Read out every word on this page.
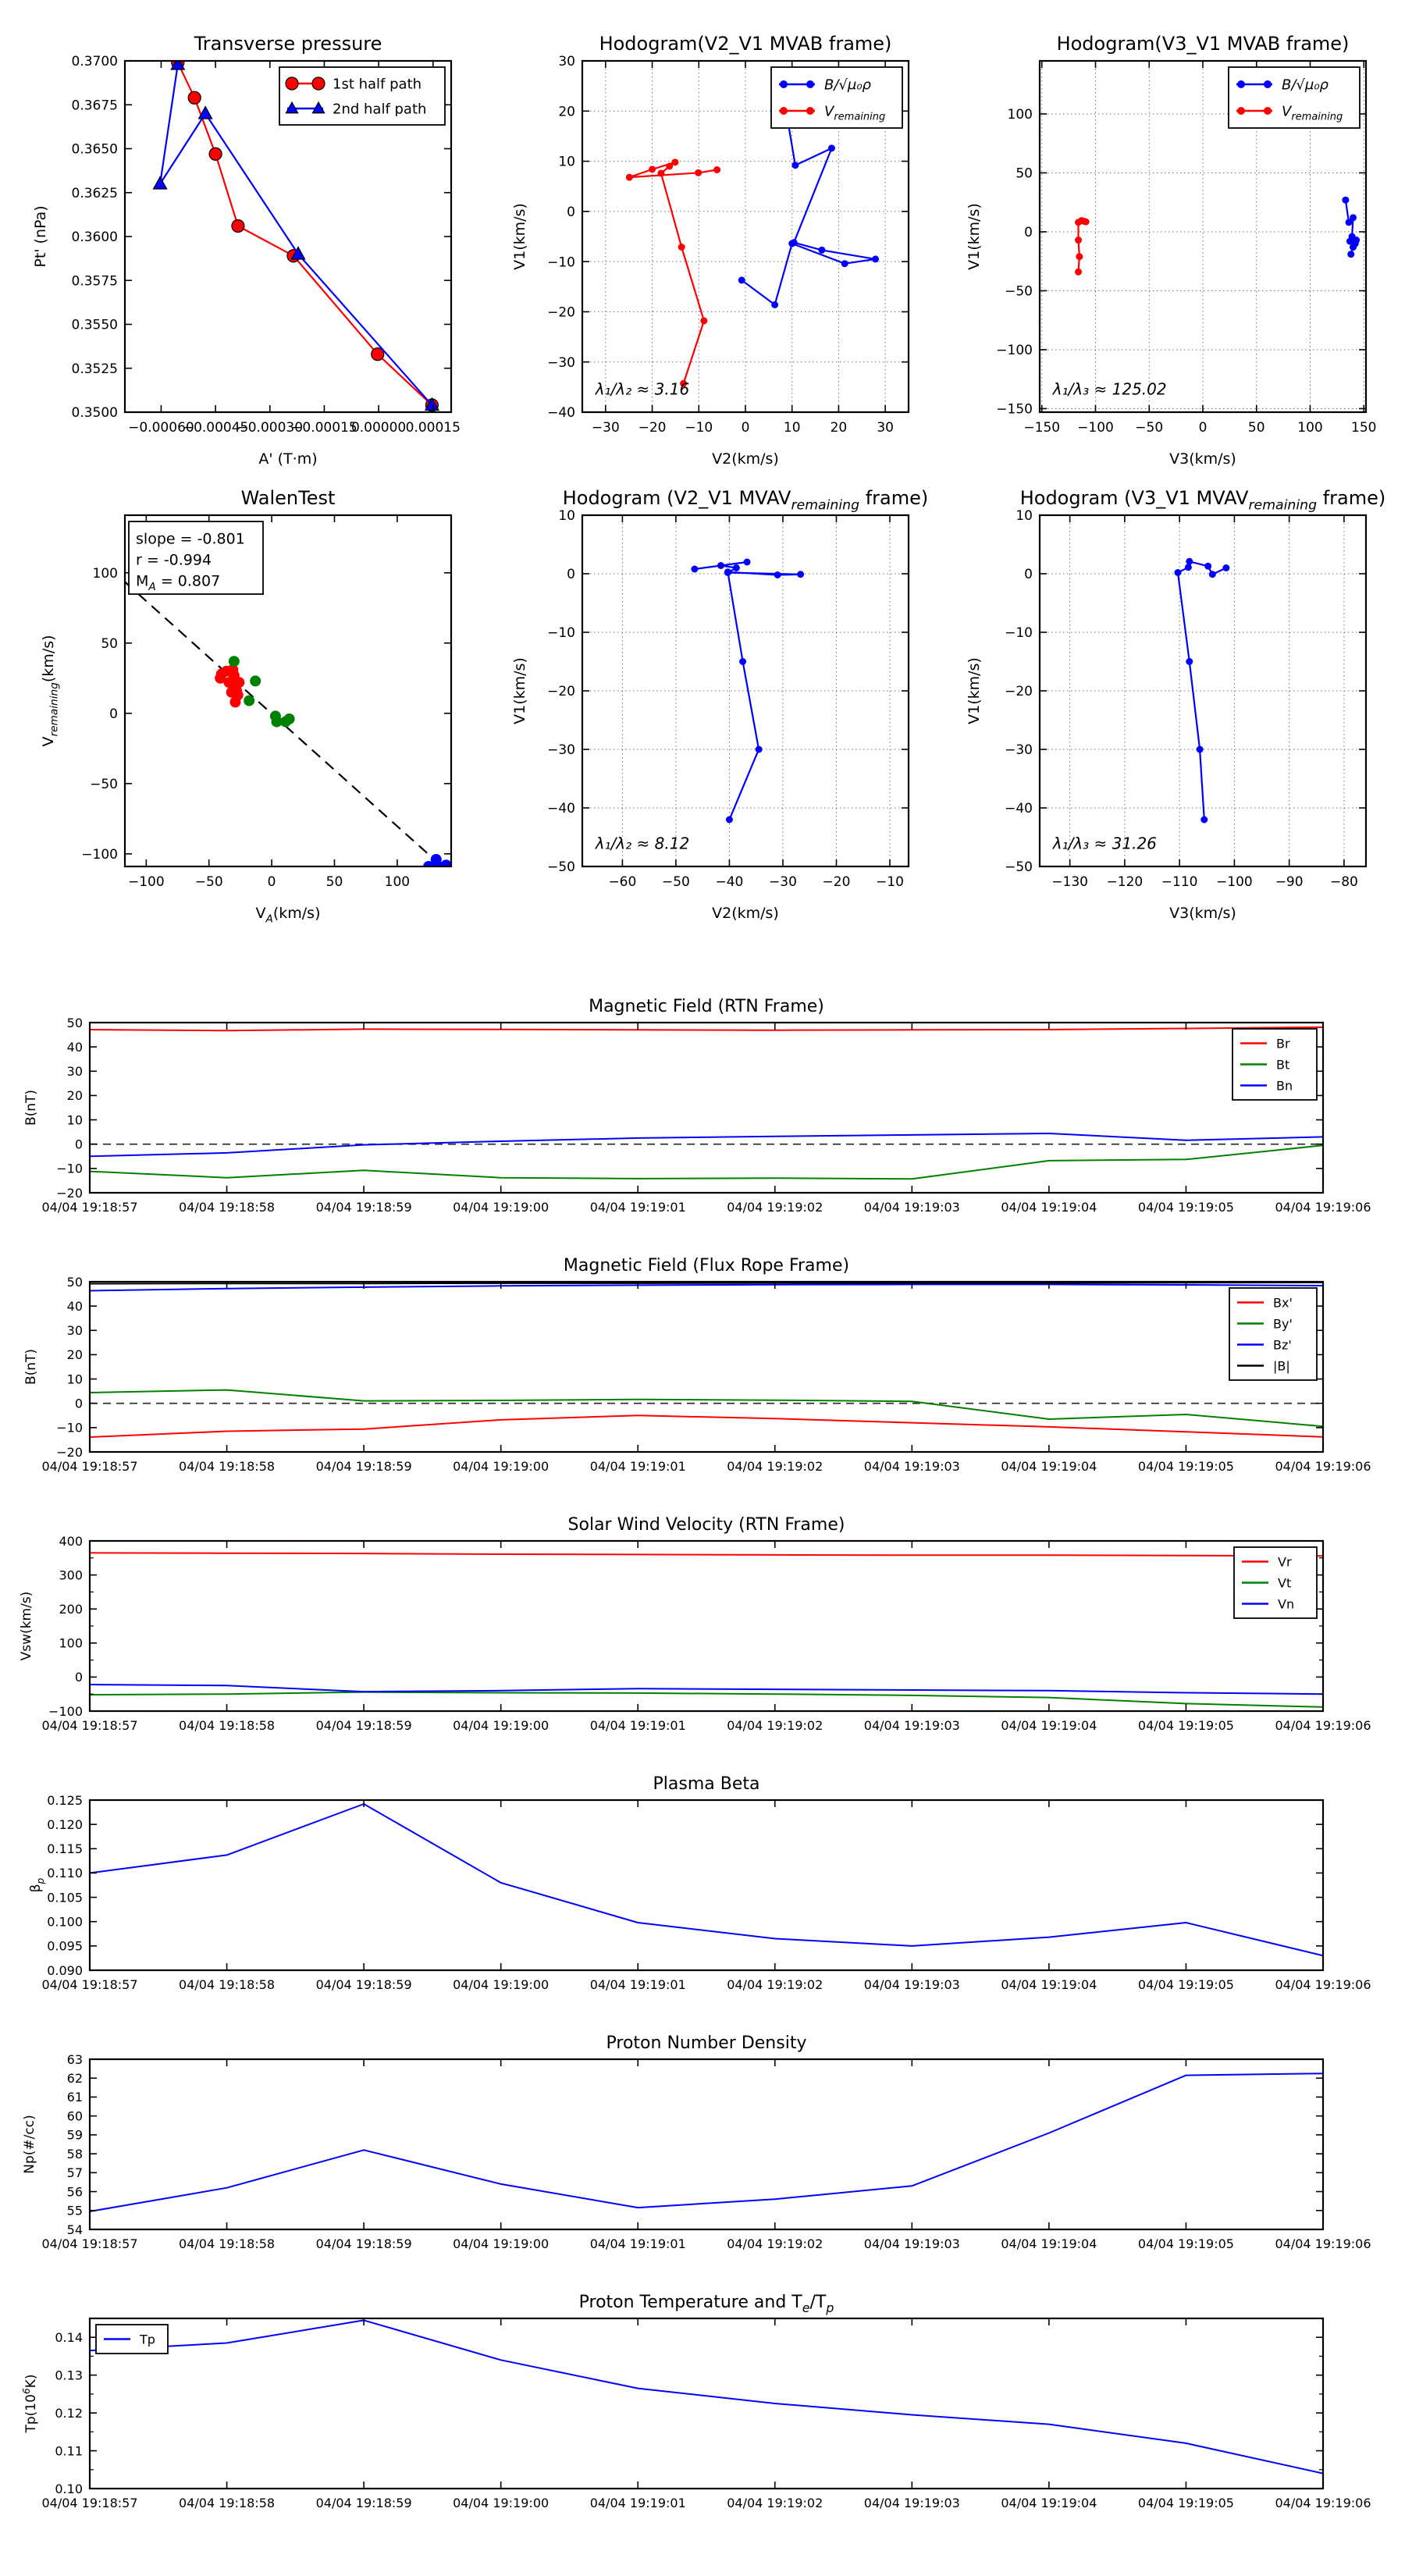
−0.00060
−0.00045
−0.00030
−0.00015
0.00000 0.00015
0.3500
0.3525
0.3550
0.3575
0.3600
0.3625
0.3650
0.3675
0.3700
Transverse pressure
A' (T·m)
Pt' (nPa)
1st half path
2nd half path
−30 −20 −10 0	10 20 30
−40
−30
−20
−10
0
10
20
30
Hodogram(V2_V1 MVAB frame)
V2(km/s)
V1(km/s)
λ₁/λ₂ ≈ 3.16
B/√μ₀ρ
$V_{remaining}$
−150 −100 −50	0	50 100 150
−150
−100
−50
0
50
100
Hodogram(V3_V1 MVAB frame)
V3(km/s)
V1(km/s)
λ₁/λ₃ ≈ 125.02
B/√μ₀ρ
$V_{remaining}$
−100 −50	0	50	100
−100
−50
0
50
100
WalenTest
$V_A(km/s)$
$V_{remaining}(km/s)$
slope = -0.801
r = -0.994
$M_A = 0.807$
−60 −50 −40 −30 −20 −10
−50
−40
−30
−20
−10
0
10
Hodogram (V2_V1 $MVAV_{remaining}$ frame)
V2(km/s)
V1(km/s)
λ₁/λ₂ ≈ 8.12
−130 −120 −110 −100 −90 −80
−50
−40
−30
−20
−10
0
10
Hodogram (V3_V1 $MVAV_{remaining}$ frame)
V3(km/s)
V1(km/s)
λ₁/λ₃ ≈ 31.26
04/04 19:18:57	04/04 19:18:58	04/04 19:18:59	04/04 19:19:00	04/04 19:19:01	04/04 19:19:02	04/04 19:19:03	04/04 19:19:04	04/04 19:19:05	04/04 19:19:06
−20
−10
0
10
20
30
40
50
Magnetic Field (RTN Frame)
B(nT)
Br
Bt
Bn
04/04 19:18:57	04/04 19:18:58	04/04 19:18:59	04/04 19:19:00	04/04 19:19:01	04/04 19:19:02	04/04 19:19:03	04/04 19:19:04	04/04 19:19:05	04/04 19:19:06
−20
−10
0
10
20
30
40
50
Magnetic Field (Flux Rope Frame)
B(nT)
Bx'
By'
Bz'
|B|
04/04 19:18:57	04/04 19:18:58	04/04 19:18:59	04/04 19:19:00	04/04 19:19:01	04/04 19:19:02	04/04 19:19:03	04/04 19:19:04	04/04 19:19:05	04/04 19:19:06
−100
0
100
200
300
400
Solar Wind Velocity (RTN Frame)
Vsw(km/s)
Vr
Vt
Vn
04/04 19:18:57	04/04 19:18:58	04/04 19:18:59	04/04 19:19:00	04/04 19:19:01	04/04 19:19:02	04/04 19:19:03	04/04 19:19:04	04/04 19:19:05	04/04 19:19:06
0.090
0.095
0.100
0.105
0.110
0.115
0.120
0.125
Plasma Beta
$\beta_p$
04/04 19:18:57	04/04 19:18:58	04/04 19:18:59	04/04 19:19:00	04/04 19:19:01	04/04 19:19:02	04/04 19:19:03	04/04 19:19:04	04/04 19:19:05	04/04 19:19:06
54
55
56
57
58
59
60
61
62
63
Proton Number Density
Np(#/cc)
04/04 19:18:57	04/04 19:18:58	04/04 19:18:59	04/04 19:19:00	04/04 19:19:01	04/04 19:19:02	04/04 19:19:03	04/04 19:19:04	04/04 19:19:05	04/04 19:19:06
0.10
0.11
0.12
0.13
0.14
Proton Temperature and $T_e/T_p$
$Tp(10^6K)$
Tp
